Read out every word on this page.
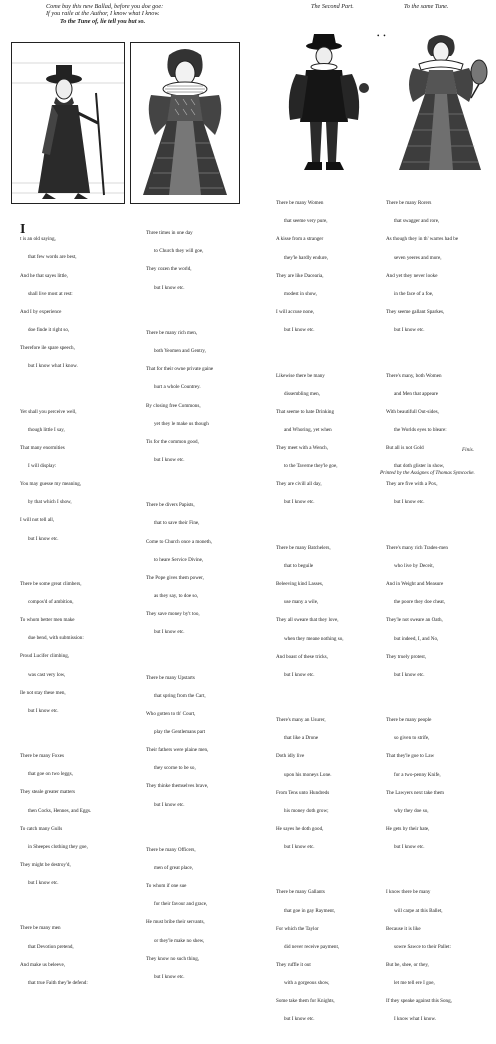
Come buy this new Ballad, before you doe goe:
If you raile at the Author, I know what I know.
To the Tune of, lie tell you but so.
The Second Part.	To the same Tune.
• •

I

t is an old saying,

that few words are best,

And he that sayes little,

shall live most at rest:

And I by experience

doe finde it right so,

Therefore ile spare speech,

but I know what I know.

Yet shall you perceive well,

though little I say,

That many enormities

I will display:

You may guesse my meaning,

by that which I show,

I will not tell all,

but I know etc.

There be some great climbers,

compos'd of ambition,

To whom better men make

due bend, with submission:

Proud Lucifer climbing,

was cast very low,

Ile not stay these men,

but I know etc.

There be many Foxes

that goe on two leggs,

They steale greater matters

then Cocks, Hennes, and Eggs.

To catch many Gulls

in Sheepes clothing they goe,

They might be destroy'd,

but I know etc.

There be many men

that Devotion pretend,

And make us beleeve,

that true Faith they'le defend:

Three times in one day

to Church they will goe,

They cozen the world,

but I know etc.

There be many rich men,

both Yeomen and Gentry,

That for their owne private gaine

hurt a whole Countrey.

By closing free Commons,

yet they le make us though

Tis for the common good,

but I know etc.

There be divers Papists,

that to save their Fine,

Come to Church once a moneth,

to heare Service Divine,

The Pope gives them power,

as they say, to doe so,

They save money by't too,

but I know etc.

There be many Upstarts

that spring from the Cart,

Who gotten to th' Court,

play the Gentlemans part

Their fathers were plaine men,

they scorne to be so,

They thinke themselves brave,

but I know etc.

There be many Officers,

men of great place,

To whom if one sue

for their favour and grace,

He must bribe their servants,

or they'le make no shew,

They know no such thing,

but I know etc.

There be many Women

that seeme very pure,

A kisse from a stranger

they'le hardly endure,

They are like Dacearia,

modest in show,

I will accuse none,

but I know etc.

Likewise there be many

dissembling men,

That seeme to hate Drinking

and Whoring, yet when

They meet with a Wench,

to the Taverne they'le goe,

They are civill all day,

but I know etc.

There be many Batchelers,

that to beguile

Beleeving kind Lasses,

use many a wile,

They all sweare that they love,

when they meane nothing so,

And boast of these tricks,

but I know etc.

There's many an Usurer,

that like a Drone

Doth idly live

upon his moneys Lone.

From Tens unto Hundreds

his money doth grow;

He sayes he doth good,

but I know etc.

There be many Gallants

that goe in gay Rayment,

For which the Taylor

did never receive payment,

They ruffle it out

with a gorgeous show,

Some take them for Knights,

but I know etc.

There be many Rorers

that swagger and rore,

As though they in th' warres had be

seven yeeres and more,

And yet they never looke

in the face of a foe,

They seeme gallant Sparkes,

but I know etc.

There's many, both Women

and Men that appeare

With beautifull Out-sides,

the Worlds eyes to bleare:

But all is not Gold

that doth glister in show,

They are five with a Pox,

but I know etc.

There's many rich Trades-men

who live by Deceit,

And in Weight and Measure

the poore they doe cheat,

They'le not sweare an Oath,

but indeed, I, and No,

They truely protest,

but I know etc.

There be many people

so given to strife,

That they'le goe to Law

for a two-penny Knife,

The Lawyers next take them

why they doe so,

He gets by their hate,

but I know etc.

I know there be many

will carpe at this Ballet,

Because it is like

sowre Sawce to their Pallet:

But be, shee, or they,

let me tell ere I goe,

If they speake against this Song,

I know what I know.

Finis.
Printed by the Assignes of Thomas Symcocke.
